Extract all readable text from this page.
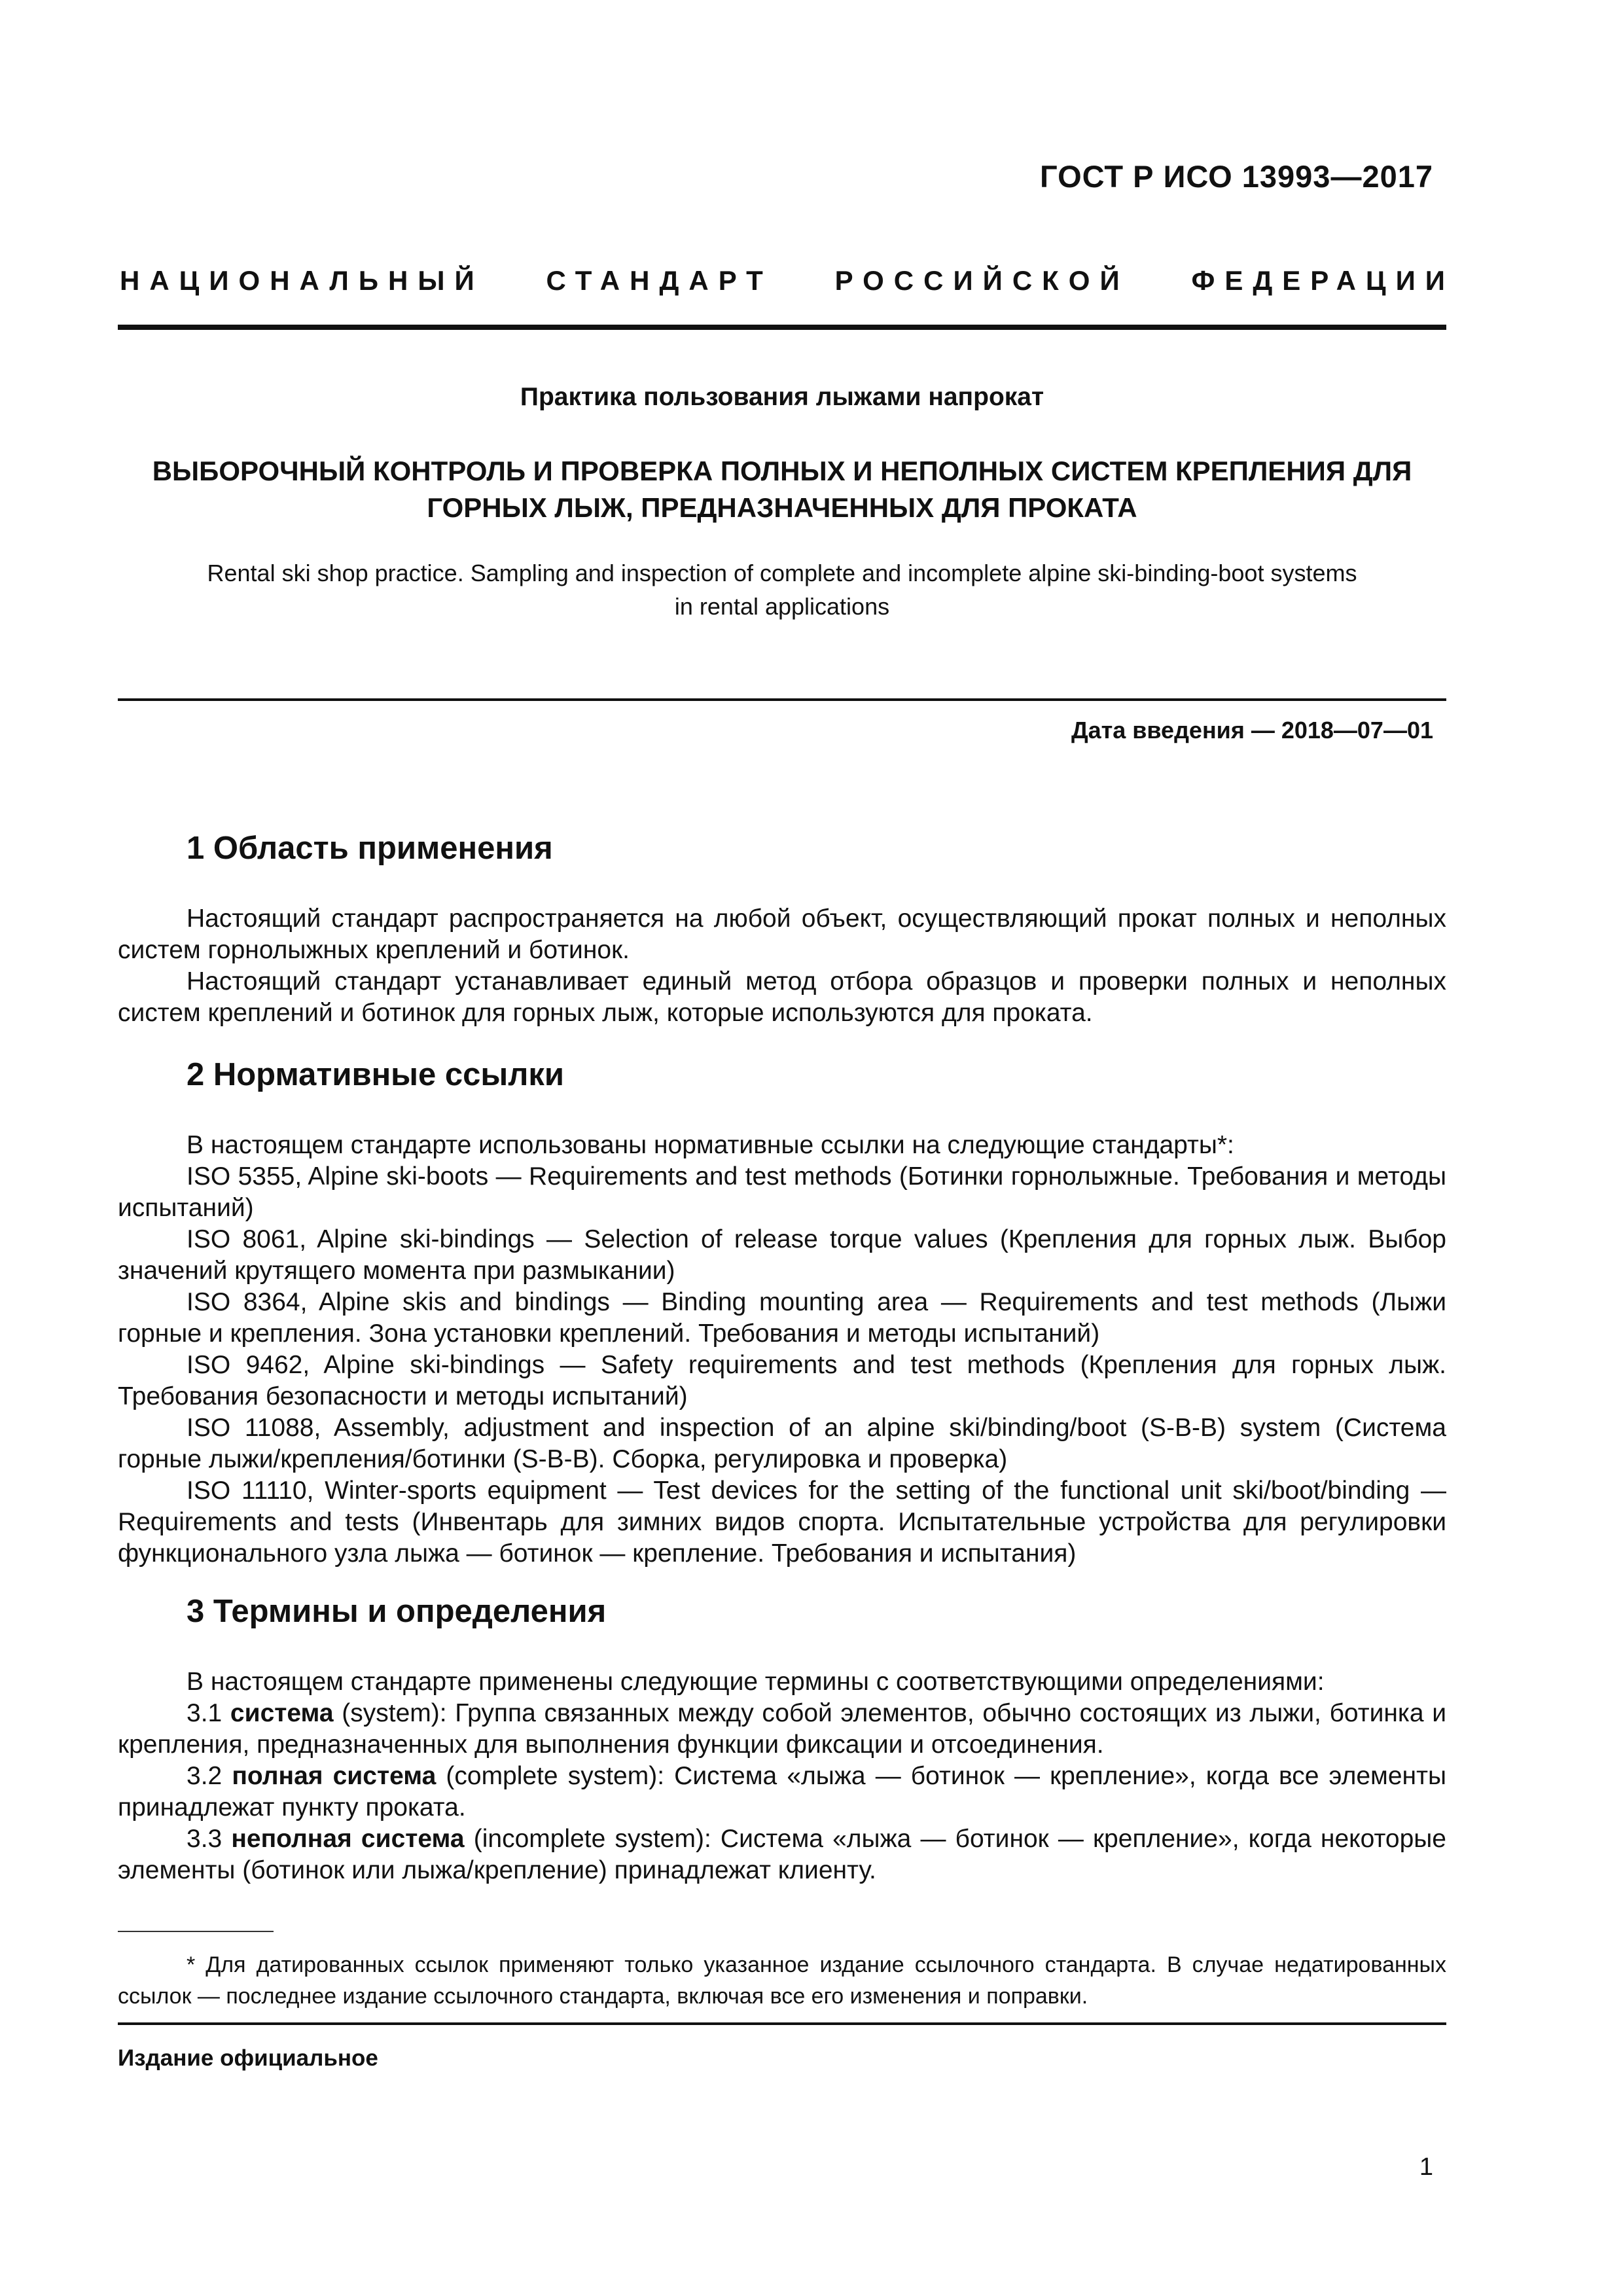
ГОСТ Р ИСО 13993—2017
НАЦИОНАЛЬНЫЙ СТАНДАРТ РОССИЙСКОЙ ФЕДЕРАЦИИ
Практика пользования лыжами напрокат
ВЫБОРОЧНЫЙ КОНТРОЛЬ И ПРОВЕРКА ПОЛНЫХ И НЕПОЛНЫХ СИСТЕМ КРЕПЛЕНИЯ ДЛЯ
ГОРНЫХ ЛЫЖ, ПРЕДНАЗНАЧЕННЫХ ДЛЯ ПРОКАТА
Rental ski shop practice. Sampling and inspection of complete and incomplete alpine ski-binding-boot systems
in rental applications
Дата введения — 2018—07—01
1 Область применения

Настоящий стандарт распространяется на любой объект, осуществляющий прокат полных и неполных систем горнолыжных креплений и ботинок.

Настоящий стандарт устанавливает единый метод отбора образцов и проверки полных и неполных систем креплений и ботинок для горных лыж, которые используются для проката.

2 Нормативные ссылки

В настоящем стандарте использованы нормативные ссылки на следующие стандарты*:

ISO 5355, Alpine ski-boots — Requirements and test methods (Ботинки горнолыжные. Требования и методы испытаний)

ISO 8061, Alpine ski-bindings — Selection of release torque values (Крепления для горных лыж. Выбор значений крутящего момента при размыкании)

ISO 8364, Alpine skis and bindings — Binding mounting area — Requirements and test methods (Лыжи горные и крепления. Зона установки креплений. Требования и методы испытаний)

ISO 9462, Alpine ski-bindings — Safety requirements and test methods (Крепления для горных лыж. Требования безопасности и методы испытаний)

ISO 11088, Assembly, adjustment and inspection of an alpine ski/binding/boot (S-B-B) system (Система горные лыжи/крепления/ботинки (S-B-B). Сборка, регулировка и проверка)

ISO 11110, Winter-sports equipment — Test devices for the setting of the functional unit ski/boot/binding — Requirements and tests (Инвентарь для зимних видов спорта. Испытательные устройства для регулировки функционального узла лыжа — ботинок — крепление. Требования и испытания)

3 Термины и определения

В настоящем стандарте применены следующие термины с соответствующими определениями:

3.1 система (system): Группа связанных между собой элементов, обычно состоящих из лыжи, ботинка и крепления, предназначенных для выполнения функции фиксации и отсоединения.

3.2 полная система (complete system): Система «лыжа — ботинок — крепление», когда все элементы принадлежат пункту проката.

3.3 неполная система (incomplete system): Система «лыжа — ботинок — крепление», когда некоторые элементы (ботинок или лыжа/крепление) принадлежат клиенту.

* Для датированных ссылок применяют только указанное издание ссылочного стандарта. В случае недатированных ссылок — последнее издание ссылочного стандарта, включая все его изменения и поправки.

Издание официальное
1
